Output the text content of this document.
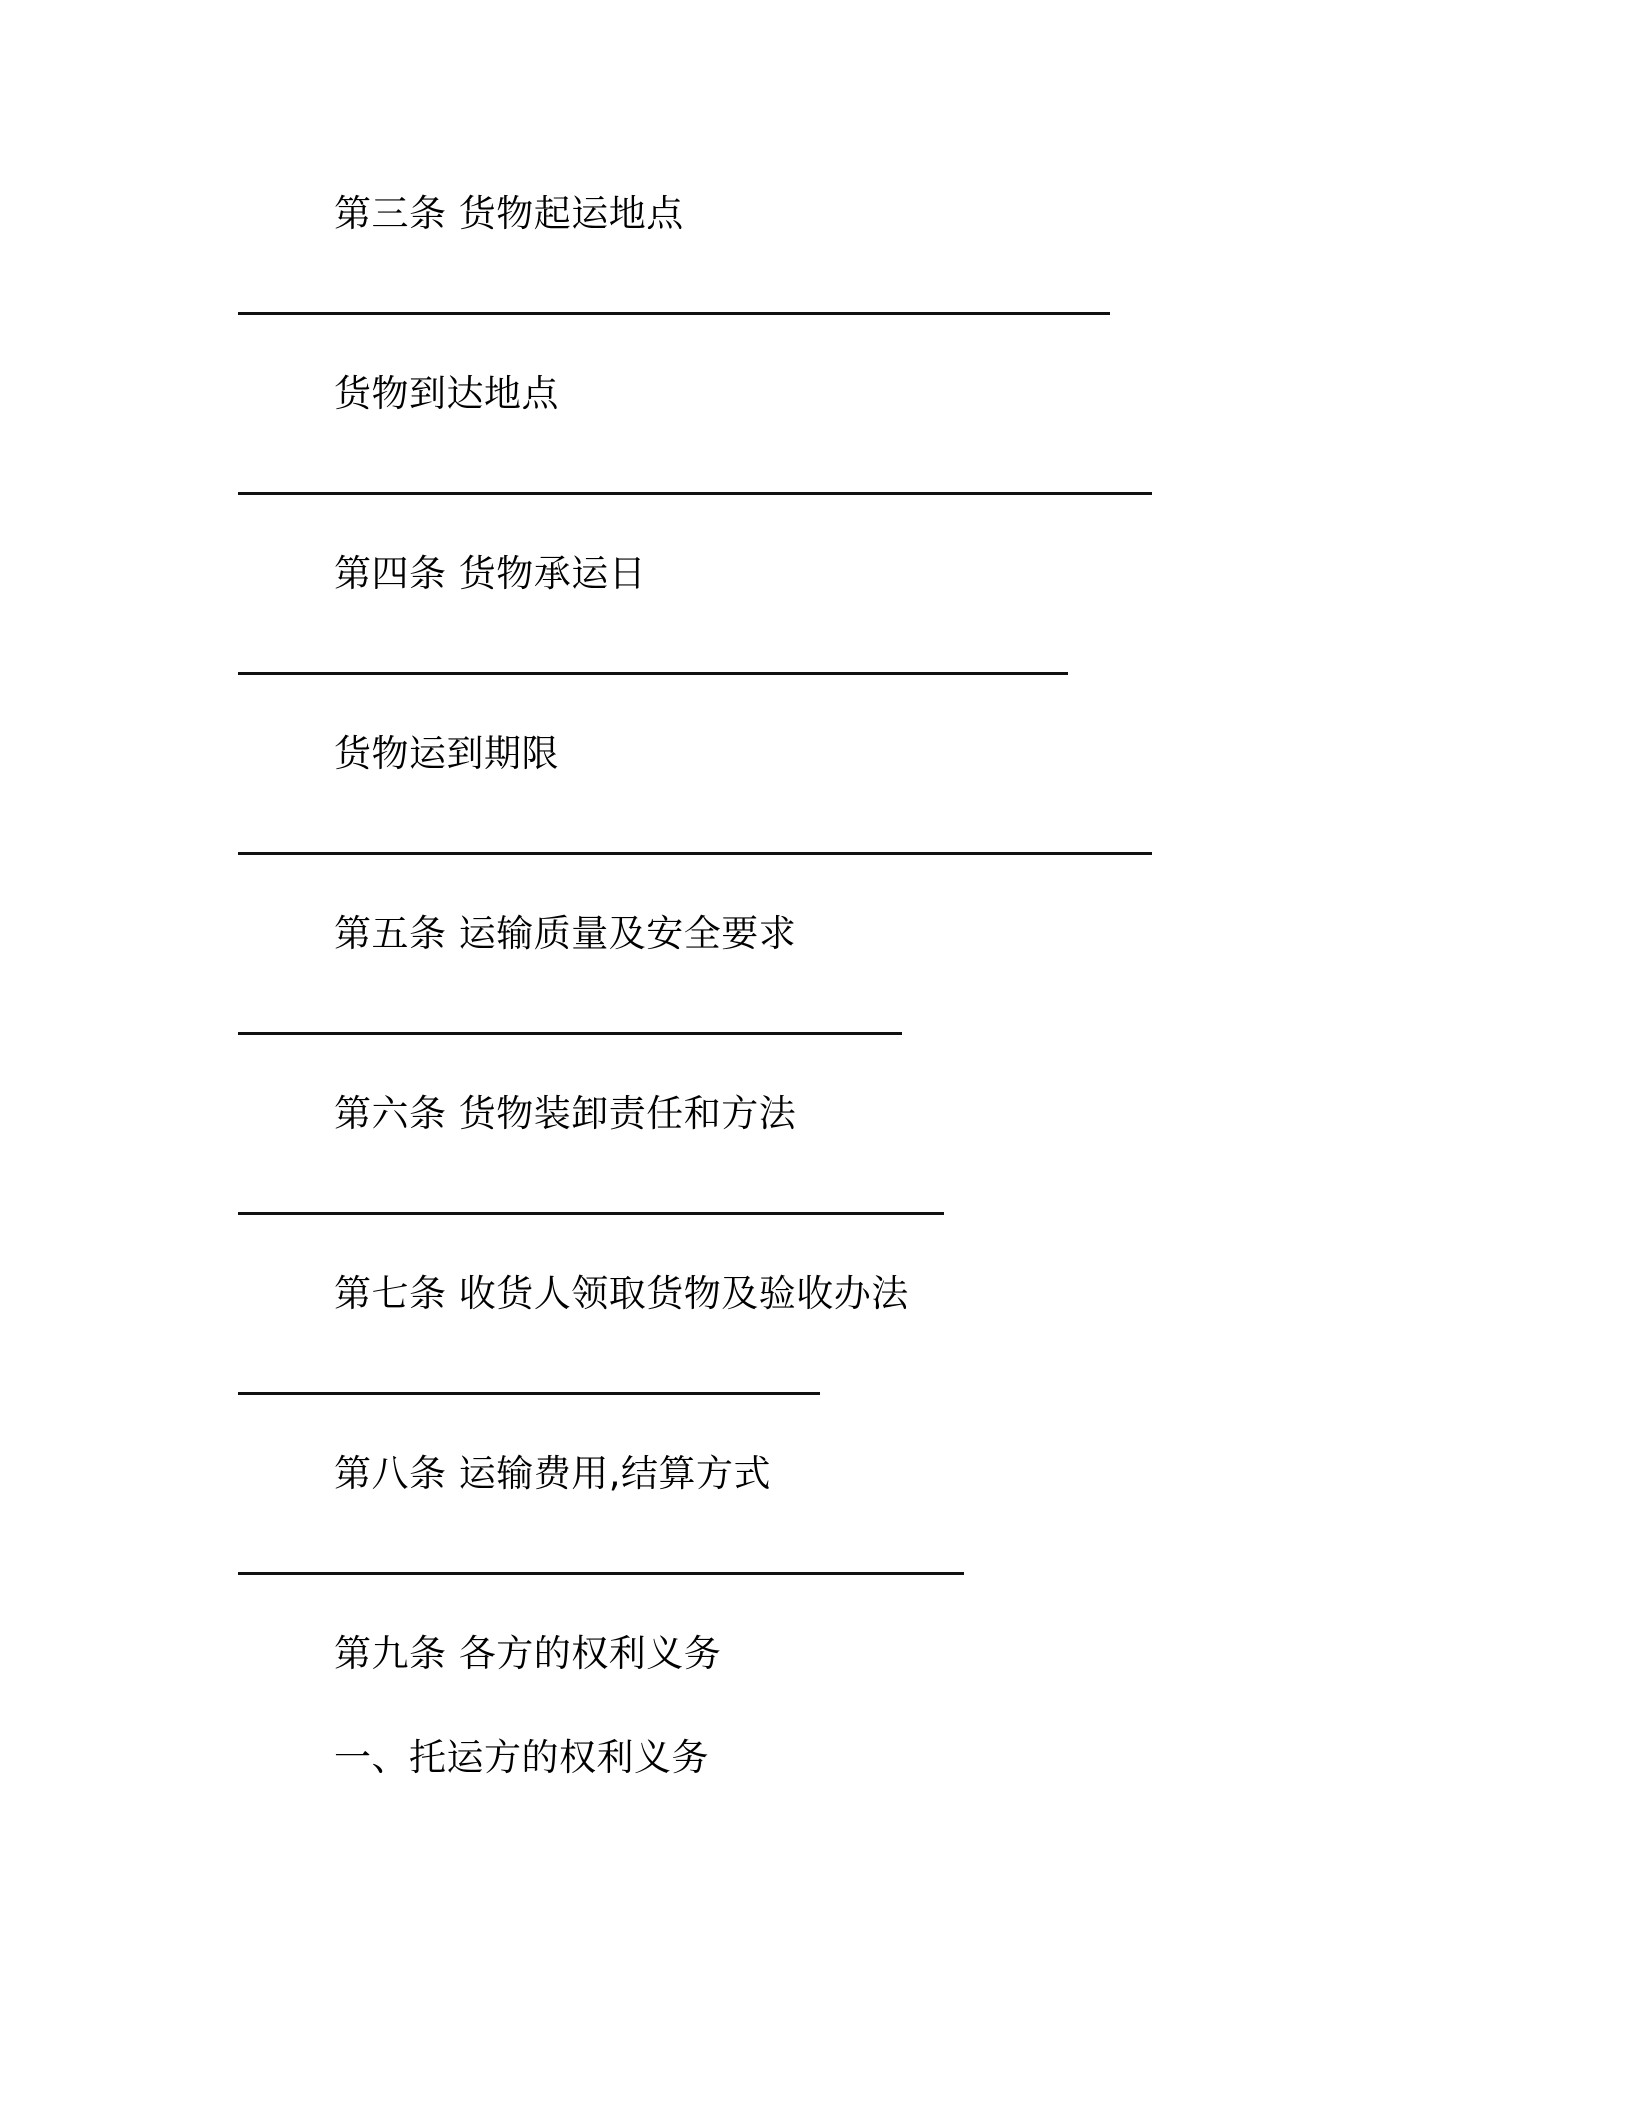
第三条 货物起运地点
货物到达地点
第四条 货物承运日
货物运到期限
第五条 运输质量及安全要求
第六条 货物装卸责任和方法
第七条 收货人领取货物及验收办法
第八条 运输费用,结算方式
第九条 各方的权利义务
一、托运方的权利义务
